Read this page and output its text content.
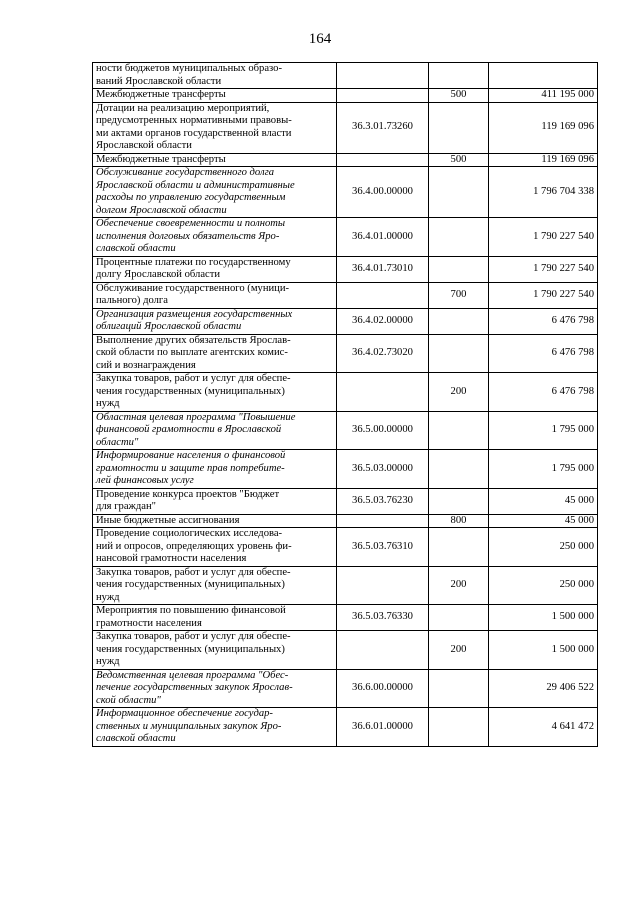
164
ности бюджетов муниципальных образо-
ваний Ярославской области			

Межбюджетные трансферты		500	411 195 000

Дотации на реализацию мероприятий,
предусмотренных нормативными правовы-
ми актами органов государственной власти
Ярославской области	36.3.01.73260		119 169 096

Межбюджетные трансферты		500	119 169 096

Обслуживание государственного долга
Ярославской области и административные
расходы по управлению государственным
долгом Ярославской области	36.4.00.00000		1 796 704 338

Обеспечение своевременности и полноты
исполнения долговых обязательств Яро-
славской области	36.4.01.00000		1 790 227 540

Процентные платежи по государственному
долгу Ярославской области	36.4.01.73010		1 790 227 540

Обслуживание государственного (муници-
пального) долга		700	1 790 227 540

Организация размещения государственных
облигаций Ярославской области	36.4.02.00000		6 476 798

Выполнение других обязательств Ярослав-
ской области по выплате агентских комис-
сий и вознаграждения	36.4.02.73020		6 476 798

Закупка товаров, работ и услуг для обеспе-
чения государственных (муниципальных)
нужд		200	6 476 798

Областная целевая программа "Повышение
финансовой грамотности в Ярославской
области"	36.5.00.00000		1 795 000

Информирование населения о финансовой
грамотности и защите прав потребите-
лей финансовых услуг	36.5.03.00000		1 795 000

Проведение конкурса проектов "Бюджет
для граждан"	36.5.03.76230		45 000

Иные бюджетные ассигнования		800	45 000

Проведение социологических исследова-
ний и опросов, определяющих уровень фи-
нансовой грамотности населения	36.5.03.76310		250 000

Закупка товаров, работ и услуг для обеспе-
чения государственных (муниципальных)
нужд		200	250 000

Мероприятия по повышению финансовой
грамотности населения	36.5.03.76330		1 500 000

Закупка товаров, работ и услуг для обеспе-
чения государственных (муниципальных)
нужд		200	1 500 000

Ведомственная целевая программа "Обес-
печение государственных закупок Ярослав-
ской области"	36.6.00.00000		29 406 522

Информационное обеспечение государ-
ственных и муниципальных закупок Яро-
славской области	36.6.01.00000		4 641 472
